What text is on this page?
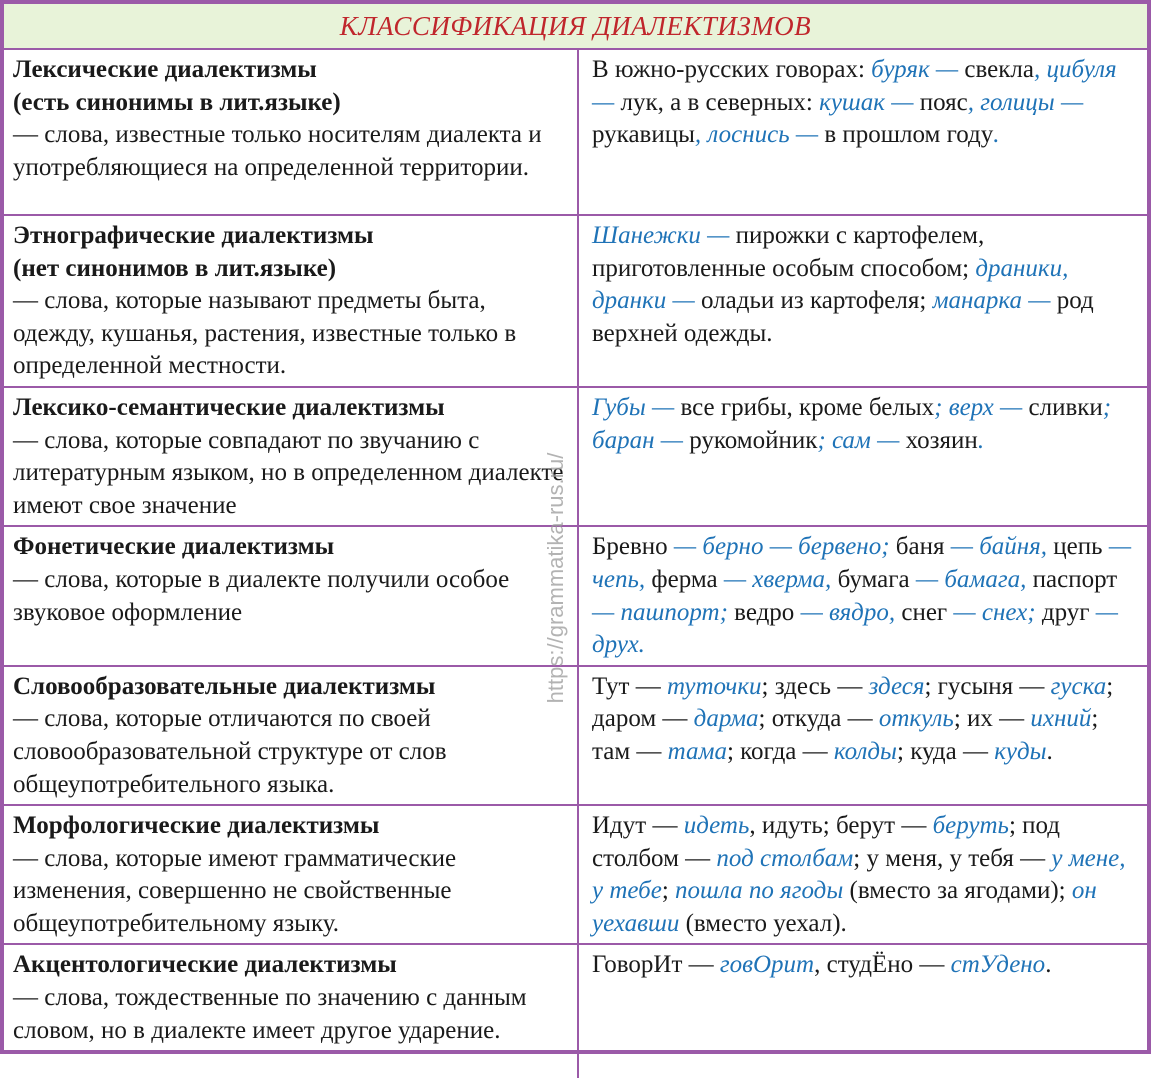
КЛАССИФИКАЦИЯ ДИАЛЕКТИЗМОВ
Лексические диалектизмы
(есть синонимы в лит.языке)
— слова, известные только носителям диалекта и употребляющиеся на определенной территории.	В южно-русских говорах: буряк — свекла, цибуля — лук, а в северных: кушак — пояс, голицы — рукавицы, лоснись — в прошлом году.

Этнографические диалектизмы
(нет синонимов в лит.языке)
— слова, которые называют предметы быта, одежду, кушанья, растения, известные только в определенной местности.	Шанежки — пирожки с картофелем, приготовленные особым способом; драники, дранки — оладьи из картофеля; манарка — род верхней одежды.

Лексико-семантические диалектизмы
— слова, которые совпадают по звучанию с литературным языком, но в определенном диалекте имеют свое значение	Губы — все грибы, кроме белых; верх — сливки; баран — рукомойник; сам — хозяин.

Фонетические диалектизмы
— слова, которые в диалекте получили особое звуковое оформление	Бревно — берно — бервено; баня — байня, цепь — чепь, ферма — хверма, бумага — бамага, паспорт — пашпорт; ведро — вядро, снег — снех; друг — друх.

Словообразовательные диалектизмы
— слова, которые отличаются по своей словообразовательной структуре от слов общеупотребительного языка.	Тут — туточки; здесь — здеся; гусыня — гуска; даром — дарма; откуда — откуль; их — ихний; там — тама; когда — колды; куда — куды.

Морфологические диалектизмы
— слова, которые имеют грамматические изменения, совершенно не свойственные общеупотребительному языку.	Идут — идеть, идуть; берут — беруть; под столбом — под столбам; у меня, у тебя — у мене, у тебе; пошла по ягоды (вместо за ягодами); он уехавши (вместо уехал).

Акцентологические диалектизмы
— слова, тождественные по значению с данным словом, но в диалекте имеет другое ударение.	ГоворИт — говОрит, студЁно — стУдено.
https://grammatika-rus.ru/
